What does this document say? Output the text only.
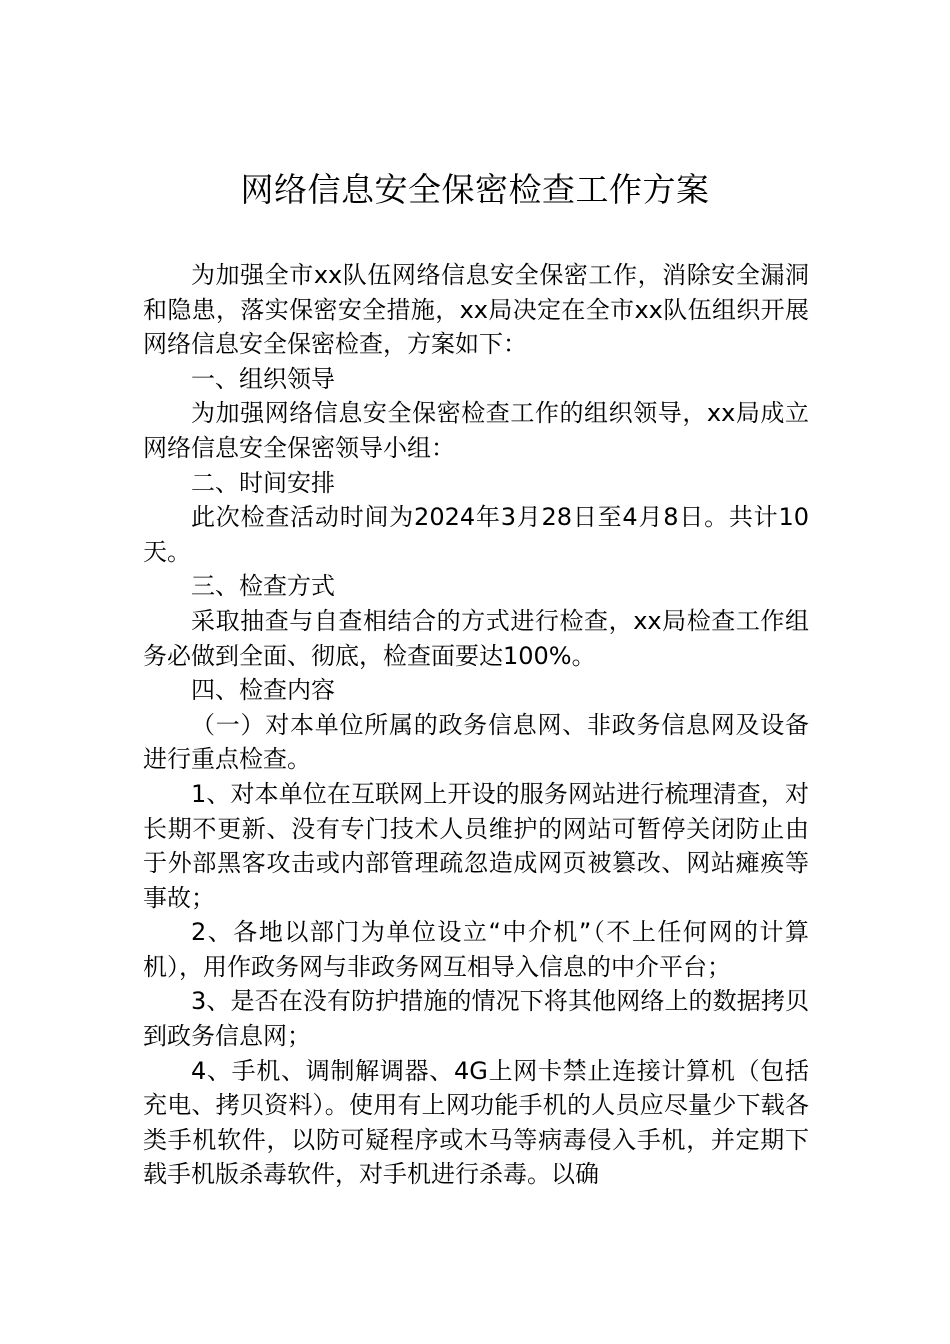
网络信息安全保密检查工作方案

为加强全市xx队伍网络信息安全保密工作，消除安全漏洞和隐患，落实保密安全措施，xx局决定在全市xx队伍组织开展网络信息安全保密检查，方案如下：

一、组织领导

为加强网络信息安全保密检查工作的组织领导，xx局成立网络信息安全保密领导小组：

二、时间安排

此次检查活动时间为2024年3月28日至4月8日。共计10天。

三、检查方式

采取抽查与自查相结合的方式进行检查，xx局检查工作组务必做到全面、彻底，检查面要达100%。

四、检查内容

（一）对本单位所属的政务信息网、非政务信息网及设备进行重点检查。

1、对本单位在互联网上开设的服务网站进行梳理清查，对长期不更新、没有专门技术人员维护的网站可暂停关闭防止由于外部黑客攻击或内部管理疏忽造成网页被篡改、网站瘫痪等事故；

2、各地以部门为单位设立“中介机”（不上任何网的计算机），用作政务网与非政务网互相导入信息的中介平台；

3、是否在没有防护措施的情况下将其他网络上的数据拷贝到政务信息网；

4、手机、调制解调器、4G上网卡禁止连接计算机（包括充电、拷贝资料）。使用有上网功能手机的人员应尽量少下载各类手机软件，以防可疑程序或木马等病毒侵入手机，并定期下载手机版杀毒软件，对手机进行杀毒。以确
